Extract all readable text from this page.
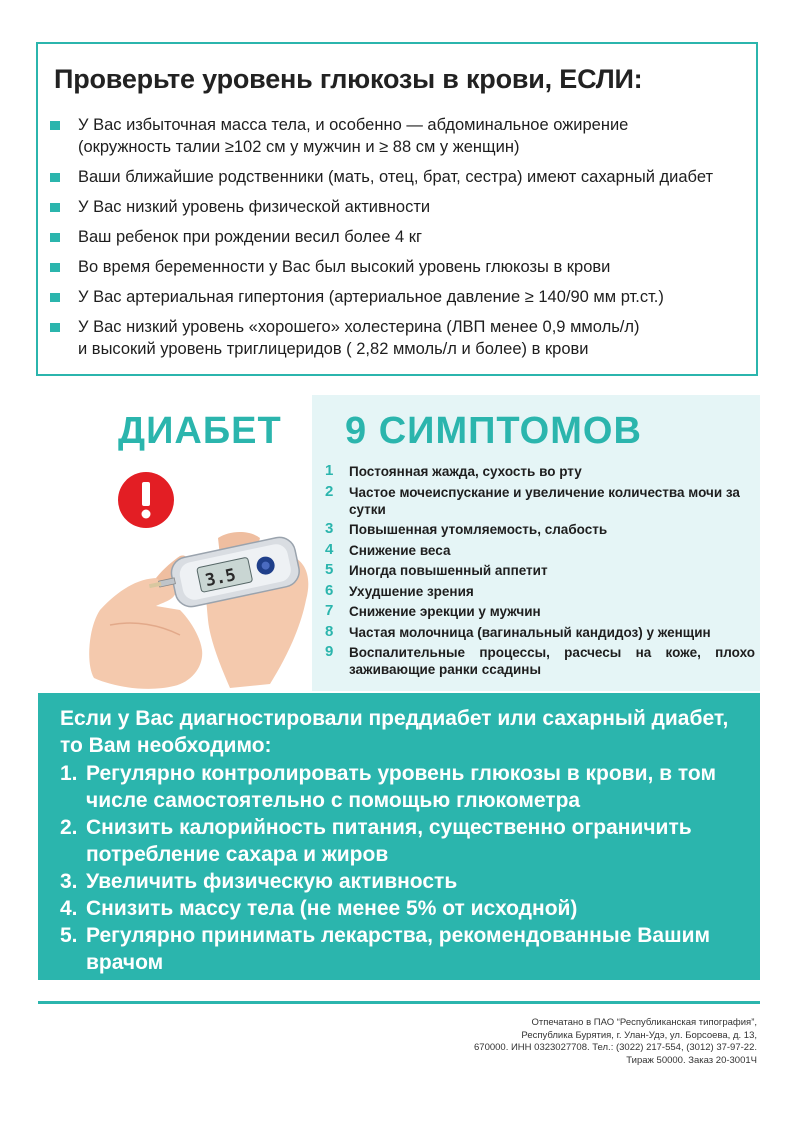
Проверьте уровень глюкозы в крови, ЕСЛИ:
У Вас избыточная масса тела, и особенно — абдоминальное ожирение
(окружность талии ≥102 см у мужчин и ≥ 88 см у женщин)
Ваши ближайшие родственники (мать, отец, брат, сестра) имеют сахарный диабет
У Вас низкий уровень физической активности
Ваш ребенок при рождении весил более 4 кг
Во время беременности у Вас был высокий уровень глюкозы в крови
У Вас артериальная гипертония (артериальное давление ≥ 140/90 мм рт.ст.)
У Вас низкий уровень «хорошего» холестерина (ЛВП менее 0,9 ммоль/л)
и высокий уровень триглицеридов ( 2,82 ммоль/л и более) в крови
ДИАБЕТ 9 СИМПТОМОВ
3.5
1 Постоянная жажда, сухость во рту
2 Частое мочеиспускание и увеличение количества мочи за сутки
3 Повышенная утомляемость, слабость
4 Снижение веса
5 Иногда повышенный аппетит
6 Ухудшение зрения
7 Снижение эрекции у мужчин
8 Частая молочница (вагинальный кандидоз) у женщин
9 Воспалительные процессы, расчесы на коже, плохо заживающие ранки ссадины

Если у Вас диагностировали преддиабет или сахарный диабет, то Вам необходимо:

1. Регулярно контролировать уровень глюкозы в крови, в том числе самостоятельно с помощью глюкометра
2. Снизить калорийность питания, существенно ограничить потребление сахара и жиров
3. Увеличить физическую активность
4. Снизить массу тела (не менее 5% от исходной)
5. Регулярно принимать лекарства, рекомендованные Вашим врачом
Отпечатано в ПАО “Республиканская типография”,
Республика Бурятия, г. Улан-Удэ, ул. Борсоева, д. 13,
670000. ИНН 0323027708. Тел.: (3022) 217-554, (3012) 37-97-22.
Тираж 50000. Заказ 20-3001Ч
